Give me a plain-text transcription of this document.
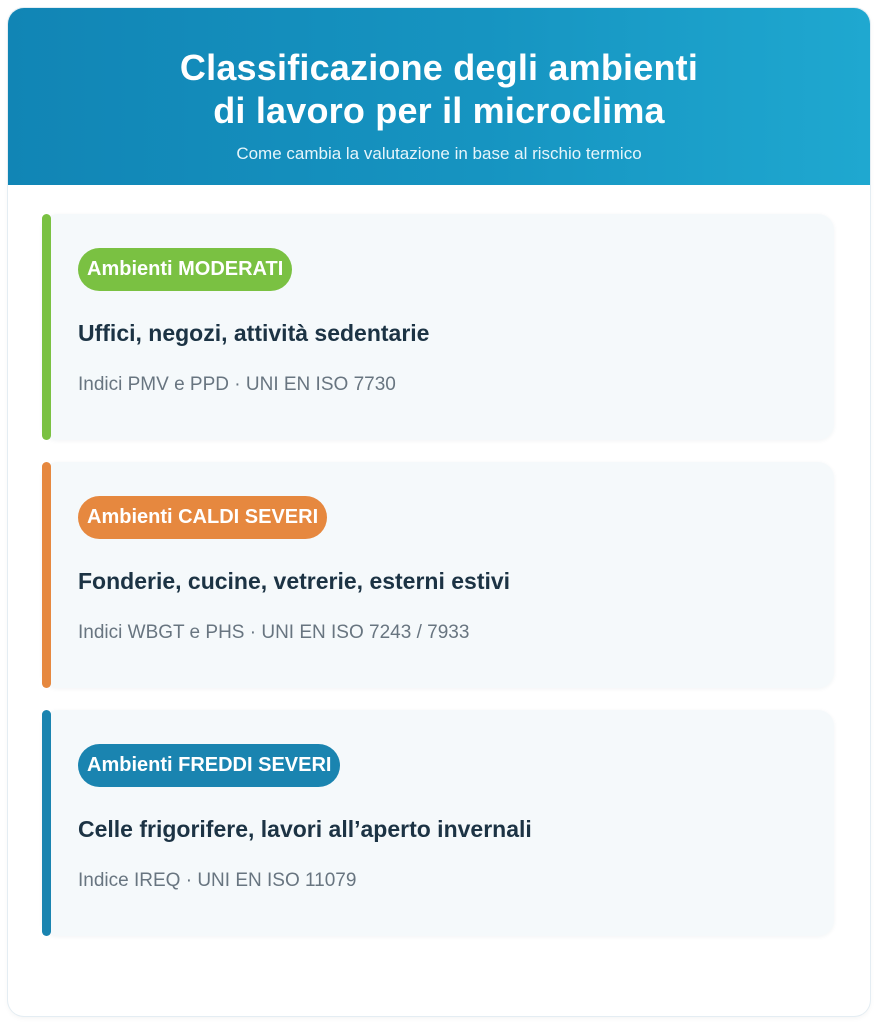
Classificazione degli ambienti
di lavoro per il microclima
Come cambia la valutazione in base al rischio termico
Ambienti MODERATI
Uffici, negozi, attività sedentarie
Indici PMV e PPD · UNI EN ISO 7730
Ambienti CALDI SEVERI
Fonderie, cucine, vetrerie, esterni estivi
Indici WBGT e PHS · UNI EN ISO 7243 / 7933
Ambienti FREDDI SEVERI
Celle frigorifere, lavori all’aperto invernali
Indice IREQ · UNI EN ISO 11079
